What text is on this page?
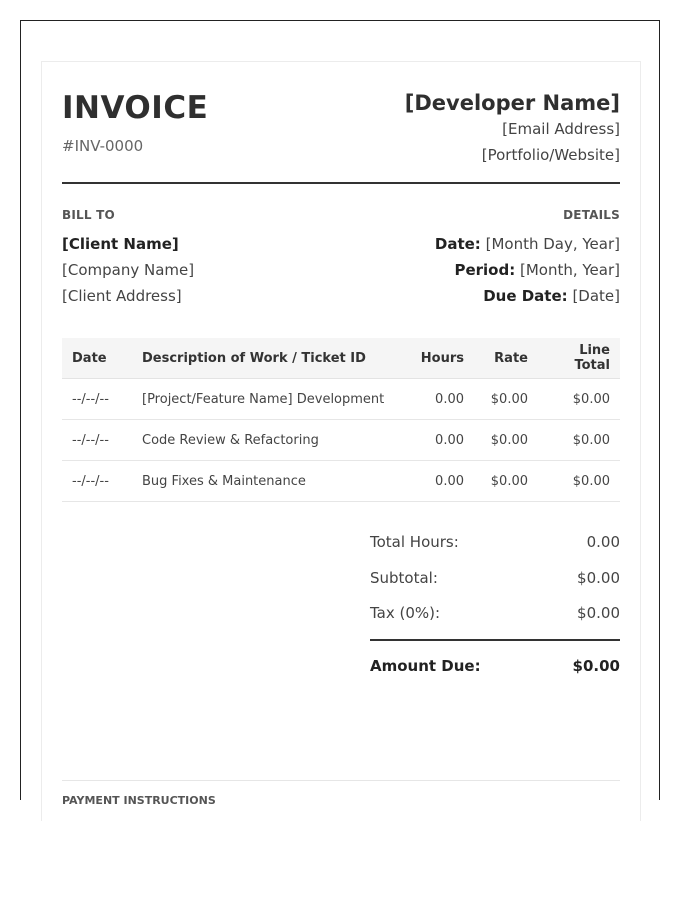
INVOICE
#INV-0000
[Developer Name]
[Email Address]
[Portfolio/Website]
BILL TO
[Client Name]
[Company Name]
[Client Address]
DETAILS
Date: [Month Day, Year]
Period: [Month, Year]
Due Date: [Date]
Date	Description of Work / Ticket ID	Hours	Rate	Line Total
--/--/--	[Project/Feature Name] Development	0.00	$0.00	$0.00
--/--/--	Code Review & Refactoring	0.00	$0.00	$0.00
--/--/--	Bug Fixes & Maintenance	0.00	$0.00	$0.00
Total Hours:	0.00
Subtotal:	$0.00
Tax (0%):	$0.00
Amount Due:	$0.00
PAYMENT INSTRUCTIONS
